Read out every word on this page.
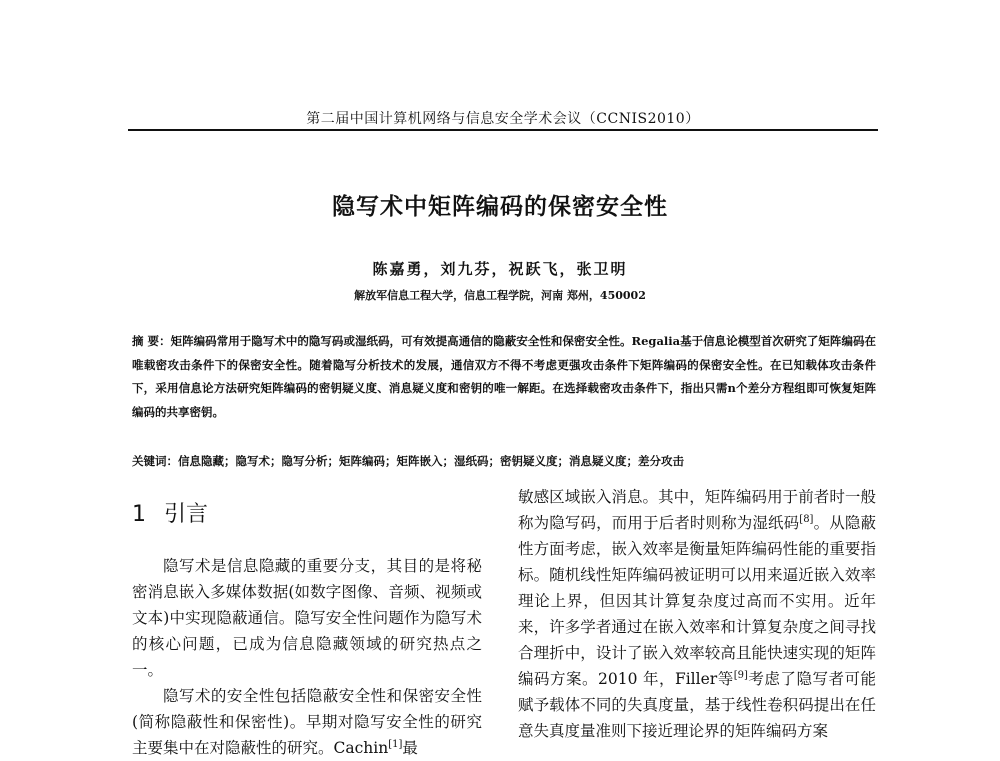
第二届中国计算机网络与信息安全学术会议（CCNIS2010）
隐写术中矩阵编码的保密安全性
陈嘉勇，刘九芬，祝跃飞，张卫明
解放军信息工程大学，信息工程学院，河南 郑州，450002
摘 要：矩阵编码常用于隐写术中的隐写码或湿纸码，可有效提高通信的隐蔽安全性和保密安全性。Regalia基于信息论模型首次研究了矩阵编码在唯载密攻击条件下的保密安全性。随着隐写分析技术的发展，通信双方不得不考虑更强攻击条件下矩阵编码的保密安全性。在已知载体攻击条件下，采用信息论方法研究矩阵编码的密钥疑义度、消息疑义度和密钥的唯一解距。在选择载密攻击条件下，指出只需n个差分方程组即可恢复矩阵编码的共享密钥。
关键词：信息隐藏；隐写术；隐写分析；矩阵编码；矩阵嵌入；湿纸码；密钥疑义度；消息疑义度；差分攻击
1 引言

隐写术是信息隐藏的重要分支，其目的是将秘密消息嵌入多媒体数据(如数字图像、音频、视频或文本)中实现隐蔽通信。隐写安全性问题作为隐写术的核心问题，已成为信息隐藏领域的研究热点之一。

隐写术的安全性包括隐蔽安全性和保密安全性(简称隐蔽性和保密性)。早期对隐写安全性的研究主要集中在对隐蔽性的研究。Cachin[1]最

敏感区域嵌入消息。其中，矩阵编码用于前者时一般称为隐写码，而用于后者时则称为湿纸码[8]。从隐蔽性方面考虑，嵌入效率是衡量矩阵编码性能的重要指标。随机线性矩阵编码被证明可以用来逼近嵌入效率理论上界，但因其计算复杂度过高而不实用。近年来，许多学者通过在嵌入效率和计算复杂度之间寻找合理折中，设计了嵌入效率较高且能快速实现的矩阵编码方案。2010 年，Filler等[9]考虑了隐写者可能赋予载体不同的失真度量，基于线性卷积码提出在任意失真度量准则下接近理论界的矩阵编码方案
